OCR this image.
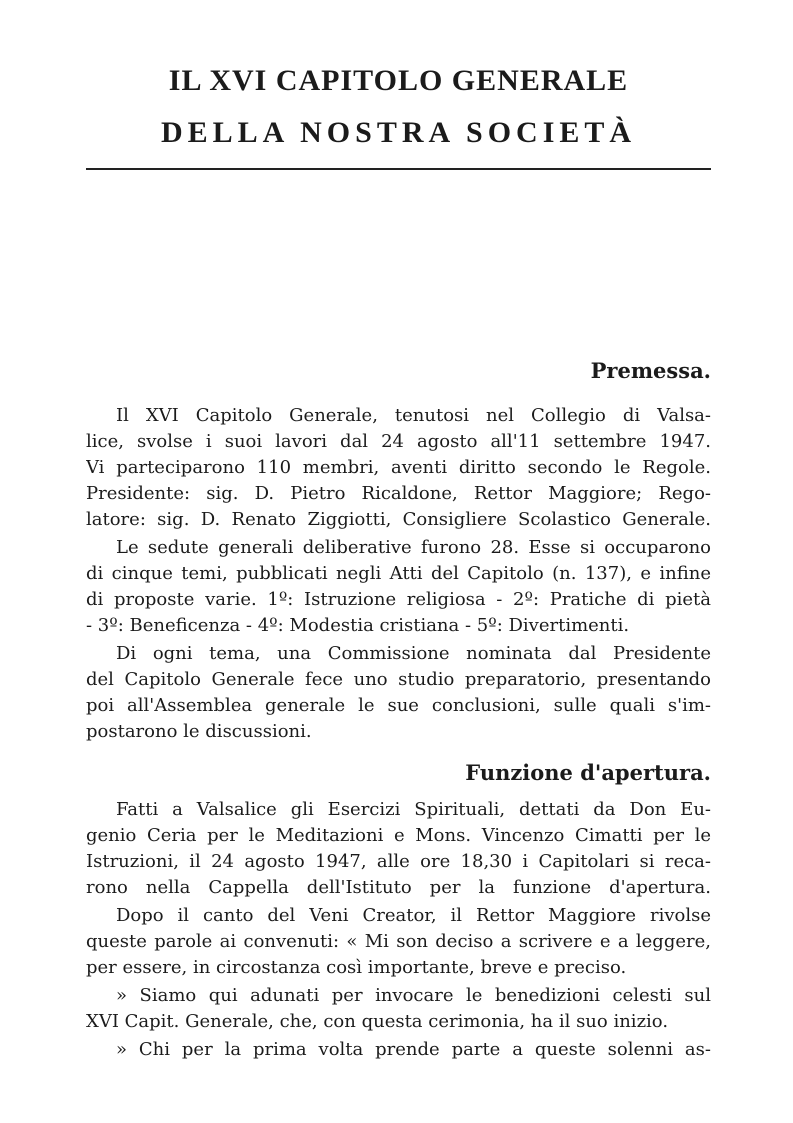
IL XVI CAPITOLO GENERALE
DELLA NOSTRA SOCIETÀ
Premessa.
Il XVI Capitolo Generale, tenutosi nel Collegio di Valsa-
lice, svolse i suoi lavori dal 24 agosto all'11 settembre 1947.
Vi parteciparono 110 membri, aventi diritto secondo le Regole.
Presidente: sig. D. Pietro Ricaldone, Rettor Maggiore; Rego-
latore: sig. D. Renato Ziggiotti, Consigliere Scolastico Generale.
Le sedute generali deliberative furono 28. Esse si occuparono
di cinque temi, pubblicati negli Atti del Capitolo (n. 137), e infine
di proposte varie. 1º: Istruzione religiosa - 2º: Pratiche di pietà
- 3º: Beneficenza - 4º: Modestia cristiana - 5º: Divertimenti.
Di ogni tema, una Commissione nominata dal Presidente
del Capitolo Generale fece uno studio preparatorio, presentando
poi all'Assemblea generale le sue conclusioni, sulle quali s'im-
postarono le discussioni.
Funzione d'apertura.
Fatti a Valsalice gli Esercizi Spirituali, dettati da Don Eu-
genio Ceria per le Meditazioni e Mons. Vincenzo Cimatti per le
Istruzioni, il 24 agosto 1947, alle ore 18,30 i Capitolari si reca-
rono nella Cappella dell'Istituto per la funzione d'apertura.
Dopo il canto del Veni Creator, il Rettor Maggiore rivolse
queste parole ai convenuti: « Mi son deciso a scrivere e a leggere,
per essere, in circostanza così importante, breve e preciso.
» Siamo qui adunati per invocare le benedizioni celesti sul
XVI Capit. Generale, che, con questa cerimonia, ha il suo inizio.
» Chi per la prima volta prende parte a queste solenni as-
